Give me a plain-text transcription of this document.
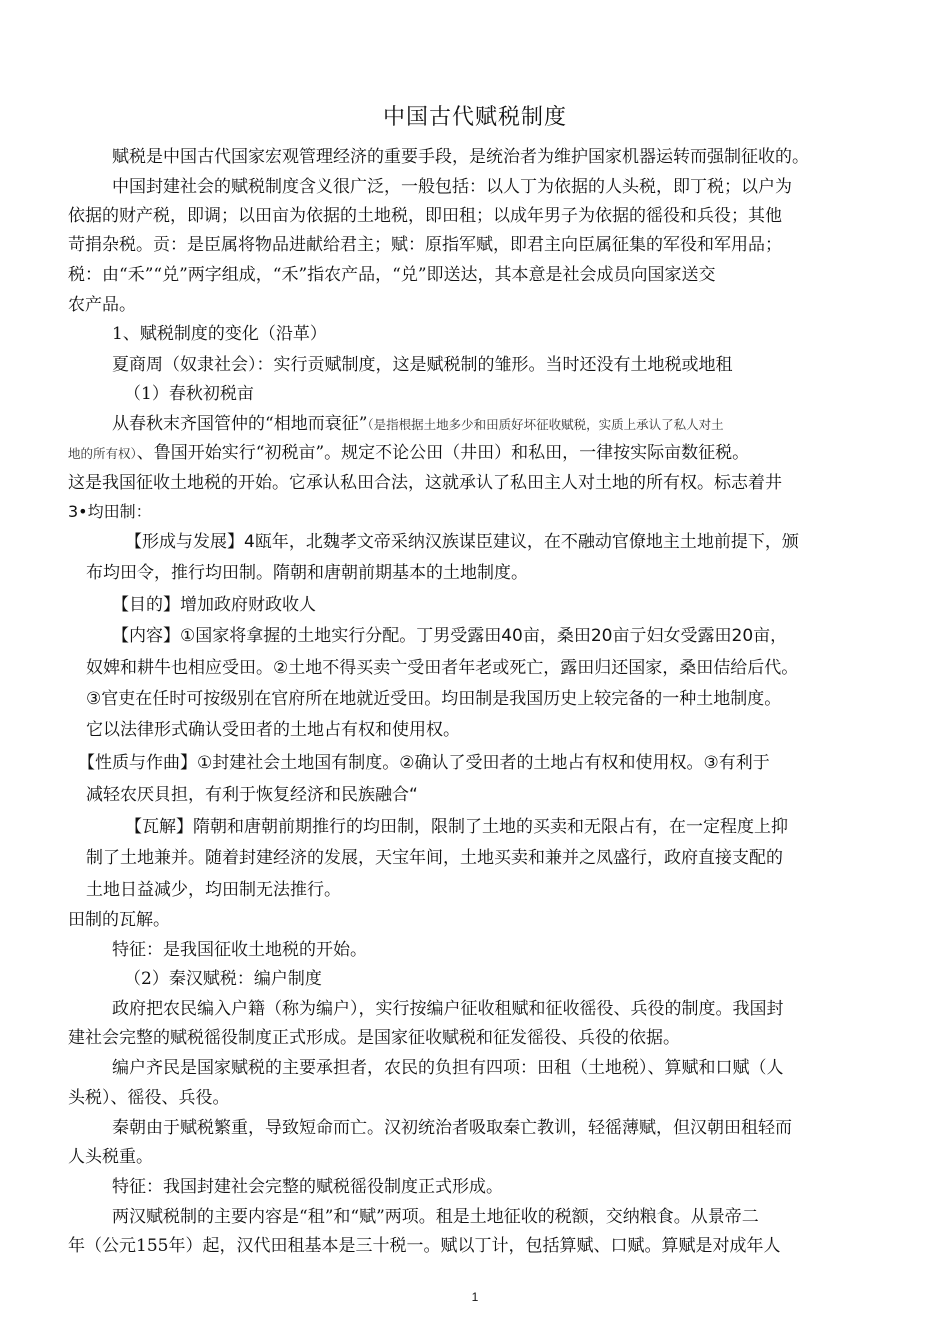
中国古代赋税制度
赋税是中国古代国家宏观管理经济的重要手段，是统治者为维护国家机器运转而强制征收的。
中国封建社会的赋税制度含义很广泛，一般包括：以人丁为依据的人头税，即丁税；以户为
依据的财产税，即调；以田亩为依据的土地税，即田租；以成年男子为依据的徭役和兵役；其他
苛捐杂税。贡：是臣属将物品进献给君主；赋：原指军赋，即君主向臣属征集的军役和军用品；
税：由“禾”“兑”两字组成，“禾”指农产品，“兑”即送达，其本意是社会成员向国家送交
农产品。
1、赋税制度的变化（沿革）
夏商周（奴隶社会）：实行贡赋制度，这是赋税制的雏形。当时还没有土地税或地租
（1）春秋初税亩
从春秋末齐国管仲的“相地而衰征”（是指根据土地多少和田质好坏征收赋税，实质上承认了私人对土
地的所有权）、鲁国开始实行“初税亩”。规定不论公田（井田）和私田，一律按实际亩数征税。
这是我国征收土地税的开始。它承认私田合法，这就承认了私田主人对土地的所有权。标志着井
3•均田制：
【形成与发展】4瓯年，北魏孝文帝采纳汉族谋臣建议，在不融动官僚地主土地前提下，颁
布均田令，推行均田制。隋朝和唐朝前期基本的土地制度。
【目的】增加政府财政收人
【内容】①国家将拿握的土地实行分配。丁男受露田40亩，桑田20亩亍妇女受露田20亩，
奴婢和耕牛也相应受田。②土地不得买卖亠受田者年老或死亡，露田归还国家，桑田佶给后代。
③官吏在任时可按级别在官府所在地就近受田。均田制是我国历史上较完备的一种土地制度。
它以法律形式确认受田者的土地占有权和使用权。
【性质与作曲】①封建社会土地国有制度。②确认了受田者的土地占有权和使用权。③有利于
减轻农厌貝担，有利于恢复经济和民族融合“
【瓦解】隋朝和唐朝前期推行的均田制，限制了土地的买卖和无限占有，在一定程度上抑
制了土地兼并。随着封建经济的发展，天宝年间，土地买卖和兼并之凤盛行，政府直接支配的
土地日益减少，均田制无法推行。
田制的瓦解。
特征：是我国征收土地税的开始。
（2）秦汉赋税：编户制度
政府把农民编入户籍（称为编户），实行按编户征收租赋和征收徭役、兵役的制度。我国封
建社会完整的赋税徭役制度正式形成。是国家征收赋税和征发徭役、兵役的依据。
编户齐民是国家赋税的主要承担者，农民的负担有四项：田租（土地税）、算赋和口赋（人
头税）、徭役、兵役。
秦朝由于赋税繁重，导致短命而亡。汉初统治者吸取秦亡教训，轻徭薄赋，但汉朝田租轻而
人头税重。
特征：我国封建社会完整的赋税徭役制度正式形成。
两汉赋税制的主要内容是“租”和“赋”两项。租是土地征收的税额，交纳粮食。从景帝二
年（公元155年）起，汉代田租基本是三十税一。赋以丁计，包括算赋、口赋。算赋是对成年人
1
